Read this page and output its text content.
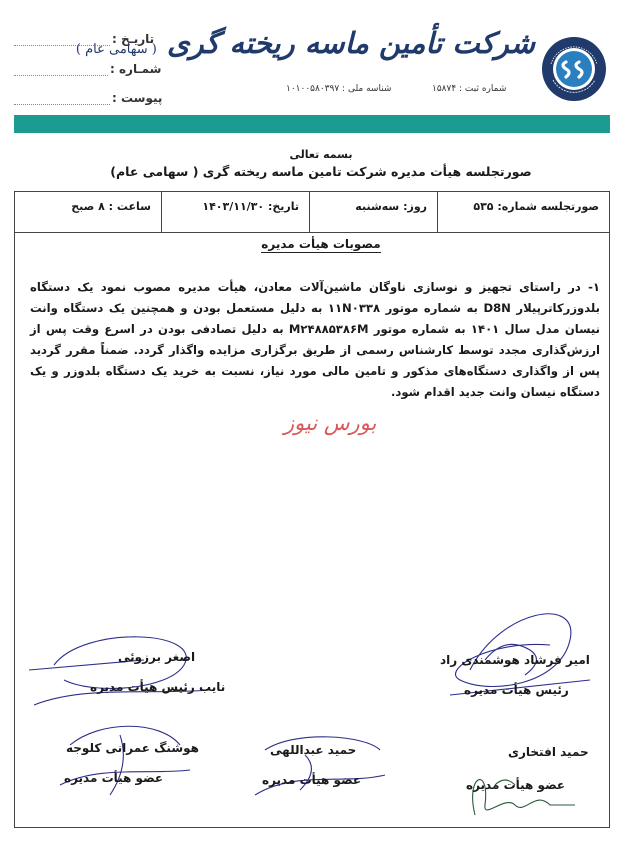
شرکت تأمین ماسه ریخته گری ( سهامی عام )
شماره ثبت : ۱۵۸۷۴
شناسه ملی : ۱۰۱۰۰۵۸۰۳۹۷
تاریـخ :
شمـاره :
پیوست :
بسمه تعالی
صورتجلسه هیأت مدیره شرکت تامین ماسه ریخته گری ( سهامی عام)
ساعت : ۸ صبح	تاریخ: ۱۴۰۳/۱۱/۳۰	روز: سه‌شنبه	صورتجلسه شماره: ۵۳۵
مصوبات هیأت مدیره
۱- در راستای تجهیز و نوسازی ناوگان ماشین‌آلات معادن، هیأت مدیره مصوب نمود یک دستگاه بلدوزرکاترپیلار D8N به شماره موتور ۱۱N۰۳۳۸ به دلیل مستعمل بودن و همچنین یک دستگاه وانت نیسان مدل سال ۱۴۰۱ به شماره موتور M۲۴۸۸۵۳۸۶M به دلیل تصادفی بودن در اسرع وقت پس از ارزش‌گذاری مجدد توسط کارشناس رسمی از طریق برگزاری مزایده واگذار گردد. ضمناً مقرر گردید پس از واگذاری دستگاه‌های مذکور و تامین مالی مورد نیاز، نسبت به خرید یک دستگاه بلدوزر و یک دستگاه نیسان وانت جدید اقدام شود.
بورس نیوز
امیر فرشاد هوشمندی راد
رئیس هیأت مدیره
اصغر برزوئی
نایب رئیس هیأت مدیره
حمید افتخاری
عضو هیأت مدیره
حمید عبداللهی
عضو هیأت مدیره
هوشنگ عمرانی کلوجه
عضو هیأت مدیره
